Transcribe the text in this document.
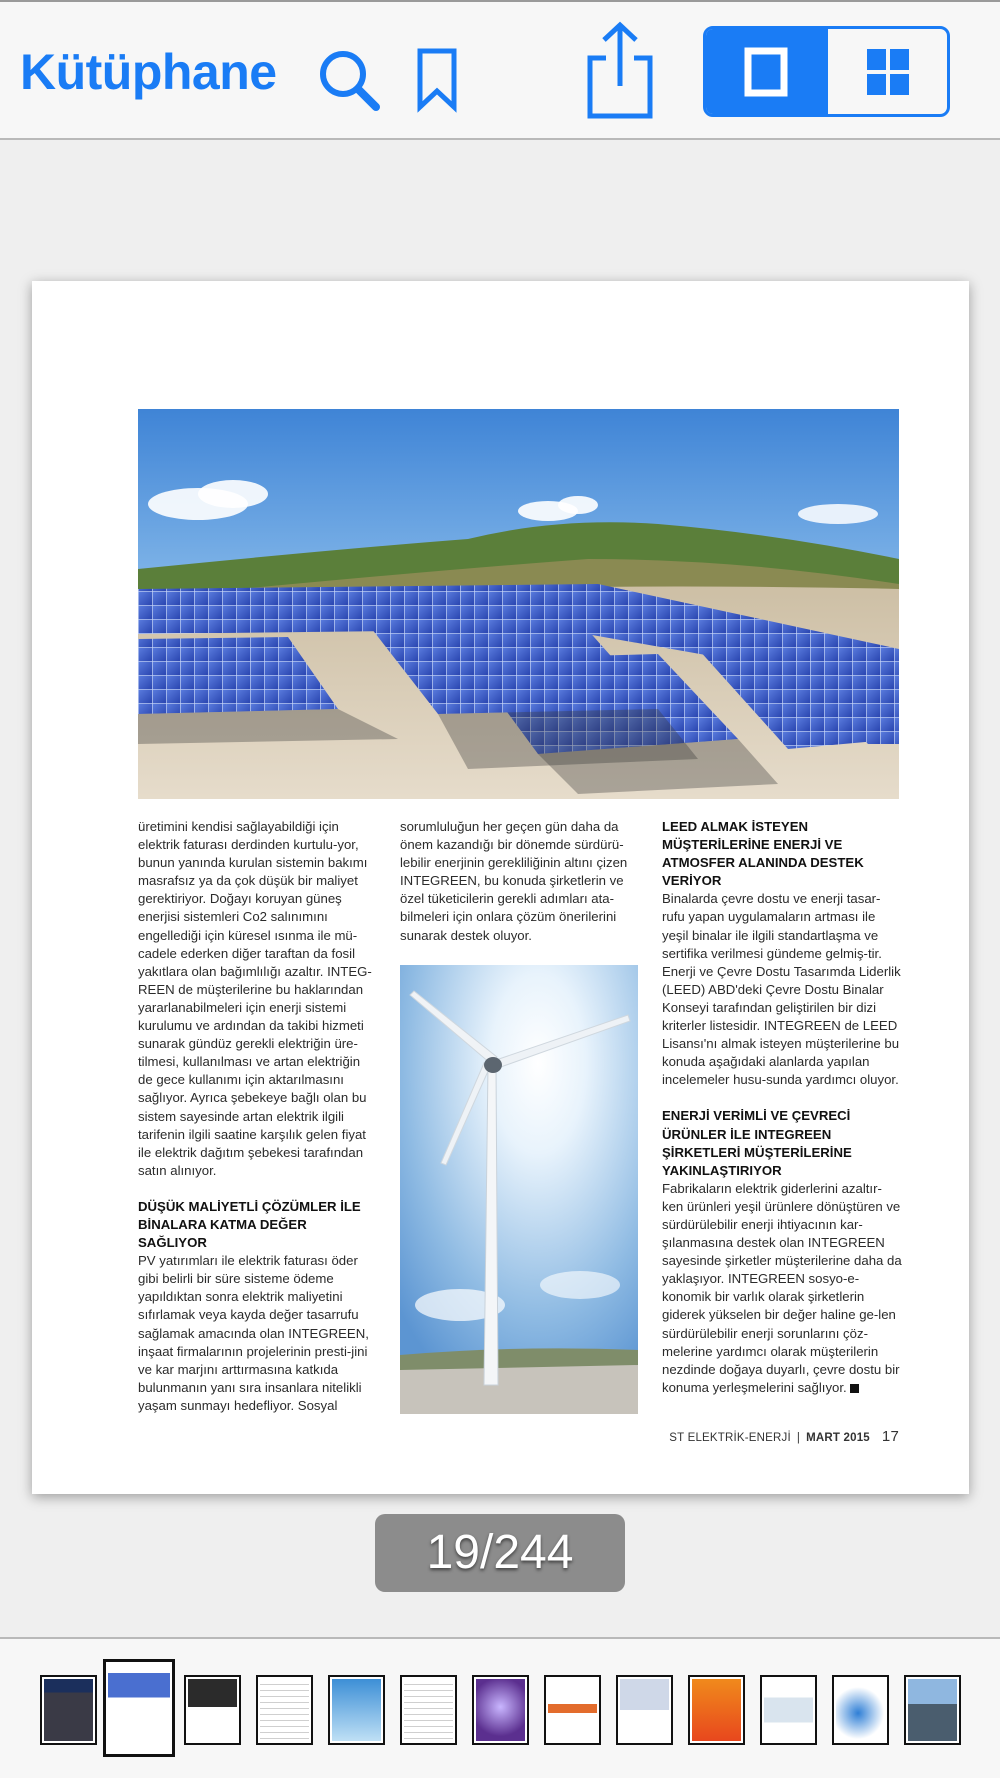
Kütüphane

üretimini kendisi sağlayabildiği için elektrik faturası derdinden kurtulu-yor, bunun yanında kurulan sistemin bakımı masrafsız ya da çok düşük bir maliyet gerektiriyor. Doğayı koruyan güneş enerjisi sistemleri Co2 salınımını engellediği için küresel ısınma ile mü-cadele ederken diğer taraftan da fosil yakıtlara olan bağımlılığı azaltır. INTEG-REEN de müşterilerine bu haklarından yararlanabilmeleri için enerji sistemi kurulumu ve ardından da takibi hizmeti sunarak gündüz gerekli elektriğin üre-tilmesi, kullanılması ve artan elektriğin de gece kullanımı için aktarılmasını sağlıyor. Ayrıca şebekeye bağlı olan bu sistem sayesinde artan elektrik ilgili tarifenin ilgili saatine karşılık gelen fiyat ile elektrik dağıtım şebekesi tarafından satın alınıyor.

DÜŞÜK MALİYETLİ ÇÖZÜMLER İLE BİNALARA KATMA DEĞER SAĞLIYOR

PV yatırımları ile elektrik faturası öder gibi belirli bir süre sisteme ödeme yapıldıktan sonra elektrik maliyetini sıfırlamak veya kayda değer tasarrufu sağlamak amacında olan INTEGREEN, inşaat firmalarının projelerinin presti-jini ve kar marjını arttırmasına katkıda bulunmanın yanı sıra insanlara nitelikli yaşam sunmayı hedefliyor. Sosyal

sorumluluğun her geçen gün daha da önem kazandığı bir dönemde sürdürü-lebilir enerjinin gerekliliğinin altını çizen INTEGREEN, bu konuda şirketlerin ve özel tüketicilerin gerekli adımları ata-bilmeleri için onlara çözüm önerilerini sunarak destek oluyor.

LEED ALMAK İSTEYEN MÜŞTERİLERİNE ENERJİ VE ATMOSFER ALANINDA DESTEK VERİYOR

Binalarda çevre dostu ve enerji tasar-rufu yapan uygulamaların artması ile yeşil binalar ile ilgili standartlaşma ve sertifika verilmesi gündeme gelmiş-tir. Enerji ve Çevre Dostu Tasarımda Liderlik (LEED) ABD'deki Çevre Dostu Binalar Konseyi tarafından geliştirilen bir dizi kriterler listesidir. INTEGREEN de LEED Lisansı'nı almak isteyen müşterilerine bu konuda aşağıdaki alanlarda yapılan incelemeler husu-sunda yardımcı oluyor.

ENERJİ VERİMLİ VE ÇEVRECİ ÜRÜNLER İLE INTEGREEN ŞİRKETLERİ MÜŞTERİLERİNE YAKINLAŞTIRIYOR

Fabrikaların elektrik giderlerini azaltır-ken ürünleri yeşil ürünlere dönüştüren ve sürdürülebilir enerji ihtiyacının kar-şılanmasına destek olan INTEGREEN sayesinde şirketler müşterilerine daha da yaklaşıyor. INTEGREEN sosyo-e-konomik bir varlık olarak şirketlerin giderek yükselen bir değer haline ge-len sürdürülebilir enerji sorunlarını çöz-melerine yardımcı olarak müşterilerin nezdinde doğaya duyarlı, çevre dostu bir konuma yerleşmelerini sağlıyor.

ST ELEKTRİK-ENERJİ | MART 2015 17
19/244
